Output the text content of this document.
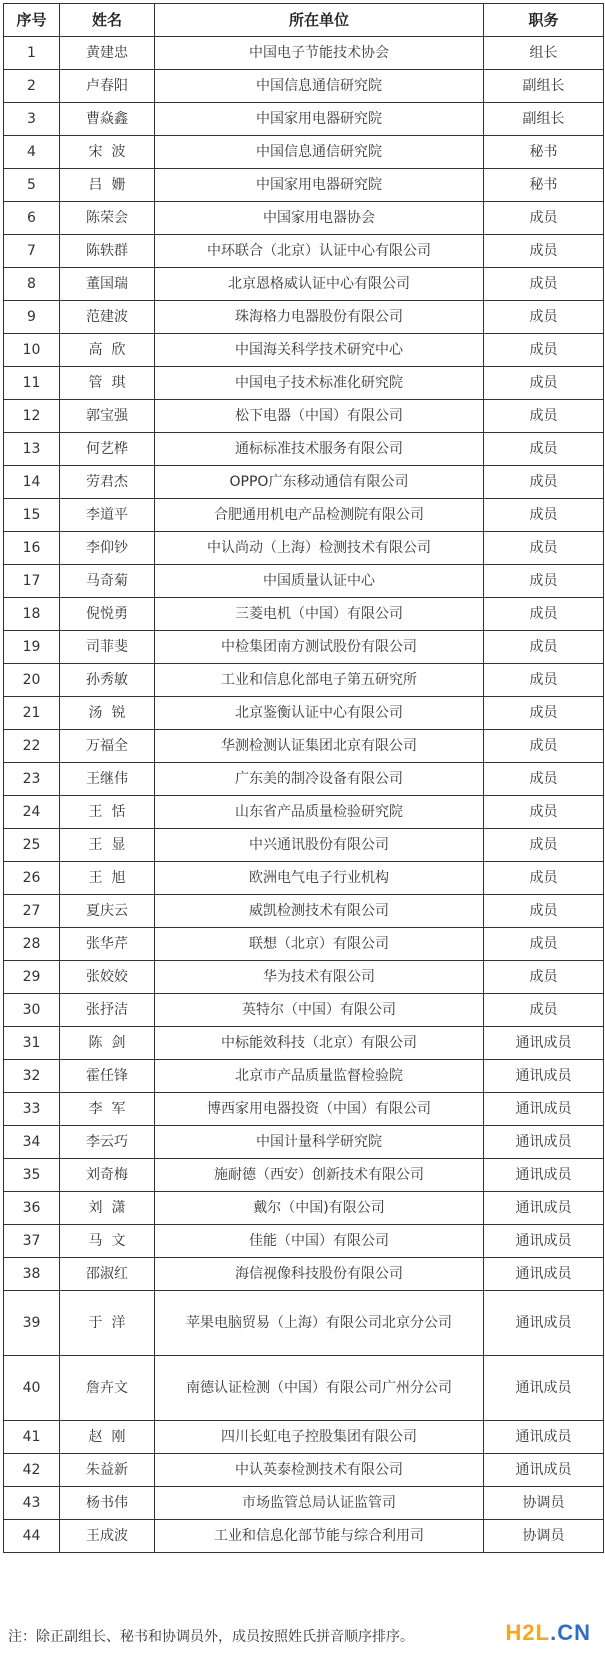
序号	姓名	所在单位	职务
1	黄建忠	中国电子节能技术协会	组长
2	卢春阳	中国信息通信研究院	副组长
3	曹焱鑫	中国家用电器研究院	副组长
4	宋  波	中国信息通信研究院	秘书
5	吕  姗	中国家用电器研究院	秘书
6	陈荣会	中国家用电器协会	成员
7	陈轶群	中环联合（北京）认证中心有限公司	成员
8	董国瑞	北京恩格威认证中心有限公司	成员
9	范建波	珠海格力电器股份有限公司	成员
10	高  欣	中国海关科学技术研究中心	成员
11	管  琪	中国电子技术标准化研究院	成员
12	郭宝强	松下电器（中国）有限公司	成员
13	何艺桦	通标标准技术服务有限公司	成员
14	劳君杰	OPPO广东移动通信有限公司	成员
15	李道平	合肥通用机电产品检测院有限公司	成员
16	李仰钞	中认尚动（上海）检测技术有限公司	成员
17	马奇菊	中国质量认证中心	成员
18	倪悦勇	三菱电机（中国）有限公司	成员
19	司菲斐	中检集团南方测试股份有限公司	成员
20	孙秀敏	工业和信息化部电子第五研究所	成员
21	汤  锐	北京鉴衡认证中心有限公司	成员
22	万福全	华测检测认证集团北京有限公司	成员
23	王继伟	广东美的制冷设备有限公司	成员
24	王  恬	山东省产品质量检验研究院	成员
25	王  显	中兴通讯股份有限公司	成员
26	王  旭	欧洲电气电子行业机构	成员
27	夏庆云	威凯检测技术有限公司	成员
28	张华芹	联想（北京）有限公司	成员
29	张姣姣	华为技术有限公司	成员
30	张抒洁	英特尔（中国）有限公司	成员
31	陈  剑	中标能效科技（北京）有限公司	通讯成员
32	霍任锋	北京市产品质量监督检验院	通讯成员
33	李  军	博西家用电器投资（中国）有限公司	通讯成员
34	李云巧	中国计量科学研究院	通讯成员
35	刘奇梅	施耐德（西安）创新技术有限公司	通讯成员
36	刘  潇	戴尔（中国)有限公司	通讯成员
37	马  文	佳能（中国）有限公司	通讯成员
38	邵淑红	海信视像科技股份有限公司	通讯成员
39	于  洋	苹果电脑贸易（上海）有限公司北京分公司	通讯成员
40	詹卉文	南德认证检测（中国）有限公司广州分公司	通讯成员
41	赵  刚	四川长虹电子控股集团有限公司	通讯成员
42	朱益新	中认英泰检测技术有限公司	通讯成员
43	杨书伟	市场监管总局认证监管司	协调员
44	王成波	工业和信息化部节能与综合利用司	协调员
注：除正副组长、秘书和协调员外，成员按照姓氏拼音顺序排序。	H2L.CN
